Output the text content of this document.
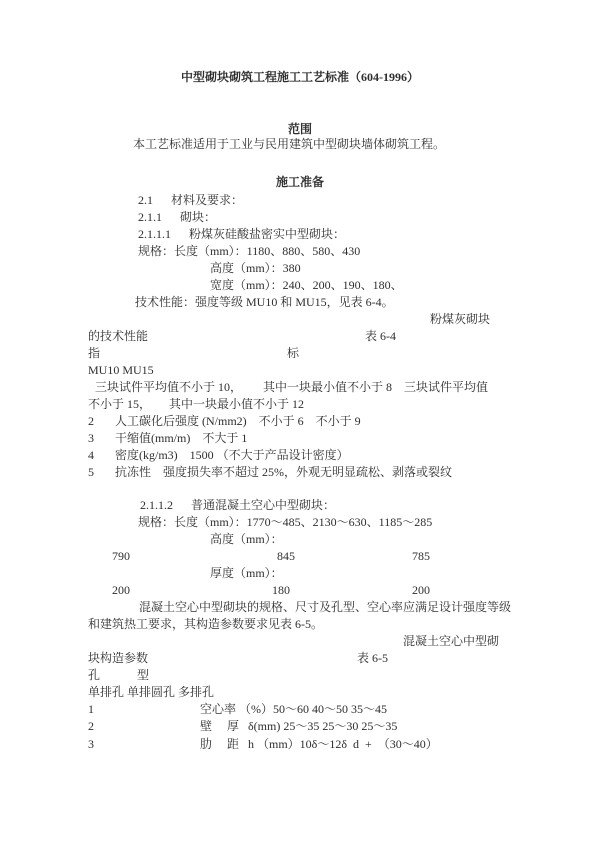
中型砌块砌筑工程施工工艺标准（604-1996）
范围
本工艺标准适用于工业与民用建筑中型砌块墙体砌筑工程。
施工准备
2.1      材料及要求：
2.1.1      砌块：
2.1.1.1      粉煤灰硅酸盐密实中型砌块：
规格：长度（mm）：1180、880、580、430
高度（mm）：380
宽度（mm）：240、200、190、180、
技术性能：强度等级 MU10 和 MU15，见表 6-4。
粉煤灰砌块
的技术性能	表 6-4
指	标
MU10 MU15
三块试件平均值不小于 10，       其中一块最小值不小于 8    三块试件平均值
不小于 15，      其中一块最小值不小于 12
2 人工碳化后强度 (N/mm2)    不小于 6    不小于 9
3 干缩值(mm/m)    不大于 1
4 密度(kg/m3)    1500 （不大于产品设计密度）
5 抗冻性    强度损失率不超过 25%，外观无明显疏松、剥落或裂纹
2.1.1.2      普通混凝土空心中型砌块：
规格：长度（mm）：1770～485、2130～630、1185～285
高度（mm）：
790	845	785
厚度（mm）：
200	180	200
混凝土空心中型砌块的规格、尺寸及孔型、空心率应满足设计强度等级
和建筑热工要求，其构造参数要求见表 6-5。
混凝土空心中型砌
块构造参数	表 6-5
孔	型
单排孔 单排圆孔 多排孔
1	空心率 （%）50～60 40～50 35～45
2	壁     厚   δ(mm) 25～35 25～30 25～35
3	肋     距   h （mm）10δ～12δ  d  +  （30～40）
